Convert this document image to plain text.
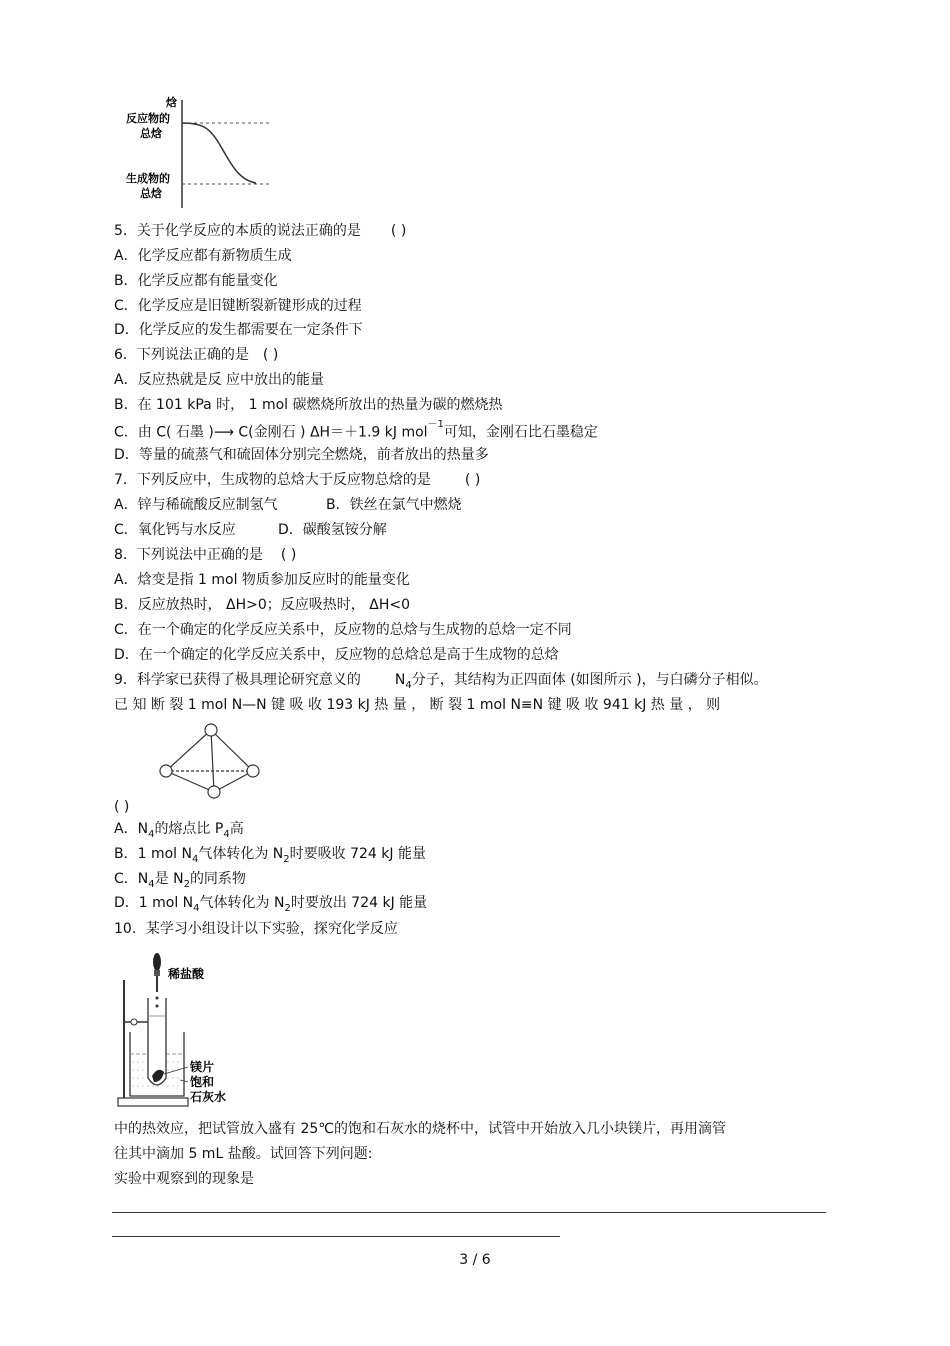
焓
反应物的
总焓
生成物的
总焓
5．关于化学反应的本质的说法正确的是 ( )
A．化学反应都有新物质生成
B．化学反应都有能量变化
C．化学反应是旧键断裂新键形成的过程
D．化学反应的发生都需要在一定条件下
6．下列说法正确的是 ( )
A．反应热就是反 应中放出的能量
B．在 101 kPa 时， 1 mol 碳燃烧所放出的热量为碳的燃烧热
C．由 C( 石墨 )⟶ C(金刚石 ) ΔH＝＋1.9 kJ mol$^{-1}$可知，金刚石比石墨稳定
D．等量的硫蒸气和硫固体分别完全燃烧，前者放出的热量多
7．下列反应中，生成物的总焓大于反应物总焓的是 ( )
A．锌与稀硫酸反应制氢气	B．铁丝在氯气中燃烧
C．氧化钙与水反应	D．碳酸氢铵分解
8．下列说法中正确的是 ( )
A．焓变是指 1 mol 物质参加反应时的能量变化
B．反应放热时， ΔH>0；反应吸热时， ΔH<0
C．在一个确定的化学反应关系中，反应物的总焓与生成物的总焓一定不同
D．在一个确定的化学反应关系中，反应物的总焓总是高于生成物的总焓
9．科学家已获得了极具理论研究意义的 $N_4$分子，其结构为正四面体 (如图所示 )，与白磷分子相似。
已 知 断 裂 1 mol N—N 键 吸 收 193 kJ 热 量 ， 断 裂 1 mol N≡N 键 吸 收 941 kJ 热 量 ， 则
( )
A．$N_4$的熔点比 $P_4$高
B．1 mol $N_4$气体转化为 $N_2$时要吸收 724 kJ 能量
C．$N_4$是 $N_2$的同系物
D．1 mol $N_4$气体转化为 $N_2$时要放出 724 kJ 能量
10．某学习小组设计以下实验，探究化学反应
稀盐酸
镁片
饱和
石灰水
中的热效应，把试管放入盛有 25℃的饱和石灰水的烧杯中，试管中开始放入几小块镁片，再用滴管
往其中滴加 5 mL 盐酸。试回答下列问题:
实验中观察到的现象是
3 / 6
